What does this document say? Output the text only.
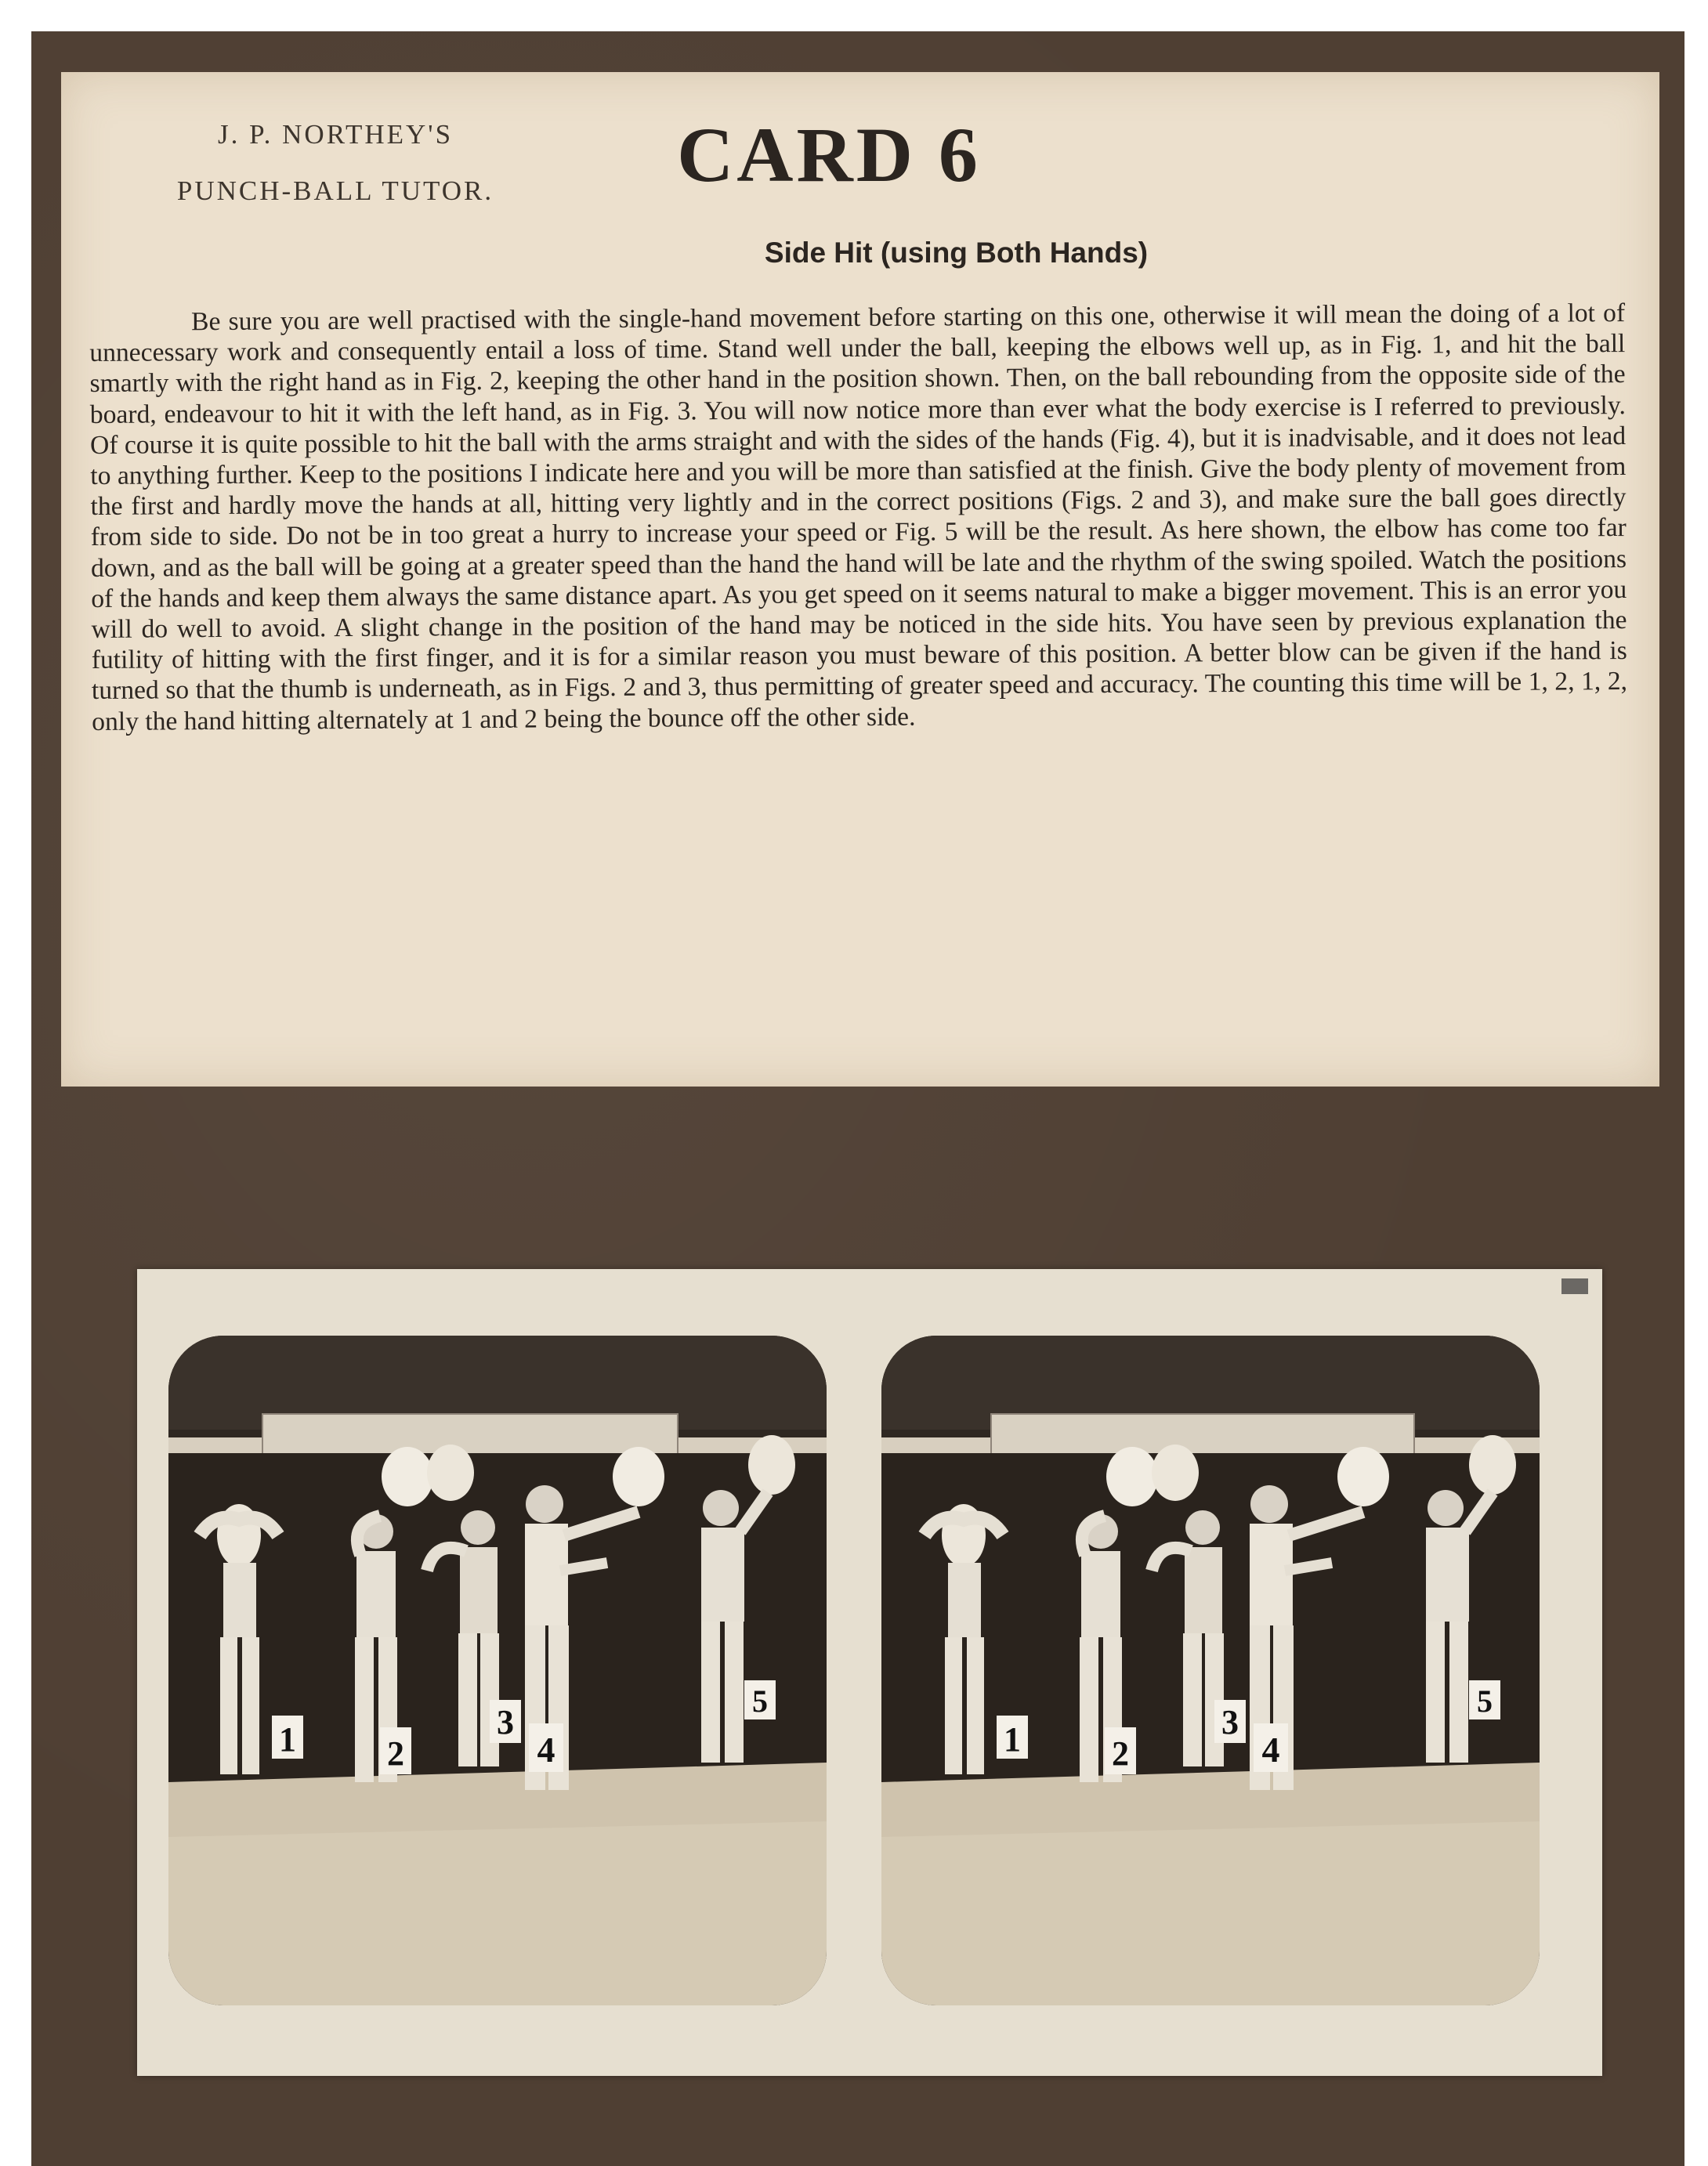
J. P. NORTHEY'S
PUNCH-BALL TUTOR.	CARD 6
Side Hit (using Both Hands)
Be sure you are well practised with the single-hand movement before starting on this one, otherwise it will mean the doing of a lot of unnecessary work and consequently entail a loss of time. Stand well under the ball, keeping the elbows well up, as in Fig. 1, and hit the ball smartly with the right hand as in Fig. 2, keeping the other hand in the position shown. Then, on the ball rebounding from the opposite side of the board, endeavour to hit it with the left hand, as in Fig. 3. You will now notice more than ever what the body exercise is I referred to previously. Of course it is quite possible to hit the ball with the arms straight and with the sides of the hands (Fig. 4), but it is inadvisable, and it does not lead to anything further. Keep to the positions I indicate here and you will be more than satisfied at the finish. Give the body plenty of movement from the first and hardly move the hands at all, hitting very lightly and in the correct positions (Figs. 2 and 3), and make sure the ball goes directly from side to side. Do not be in too great a hurry to increase your speed or Fig. 5 will be the result. As here shown, the elbow has come too far down, and as the ball will be going at a greater speed than the hand the hand will be late and the rhythm of the swing spoiled. Watch the positions of the hands and keep them always the same distance apart. As you get speed on it seems natural to make a bigger movement. This is an error you will do well to avoid. A slight change in the position of the hand may be noticed in the side hits. You have seen by previous explanation the futility of hitting with the first finger, and it is for a similar reason you must beware of this position. A better blow can be given if the hand is turned so that the thumb is underneath, as in Figs. 2 and 3, thus permitting of greater speed and accuracy. The counting this time will be 1, 2, 1, 2, only the hand hitting alternately at 1 and 2 being the bounce off the other side.
1	2
3
4
5
1	2
3
4
5
